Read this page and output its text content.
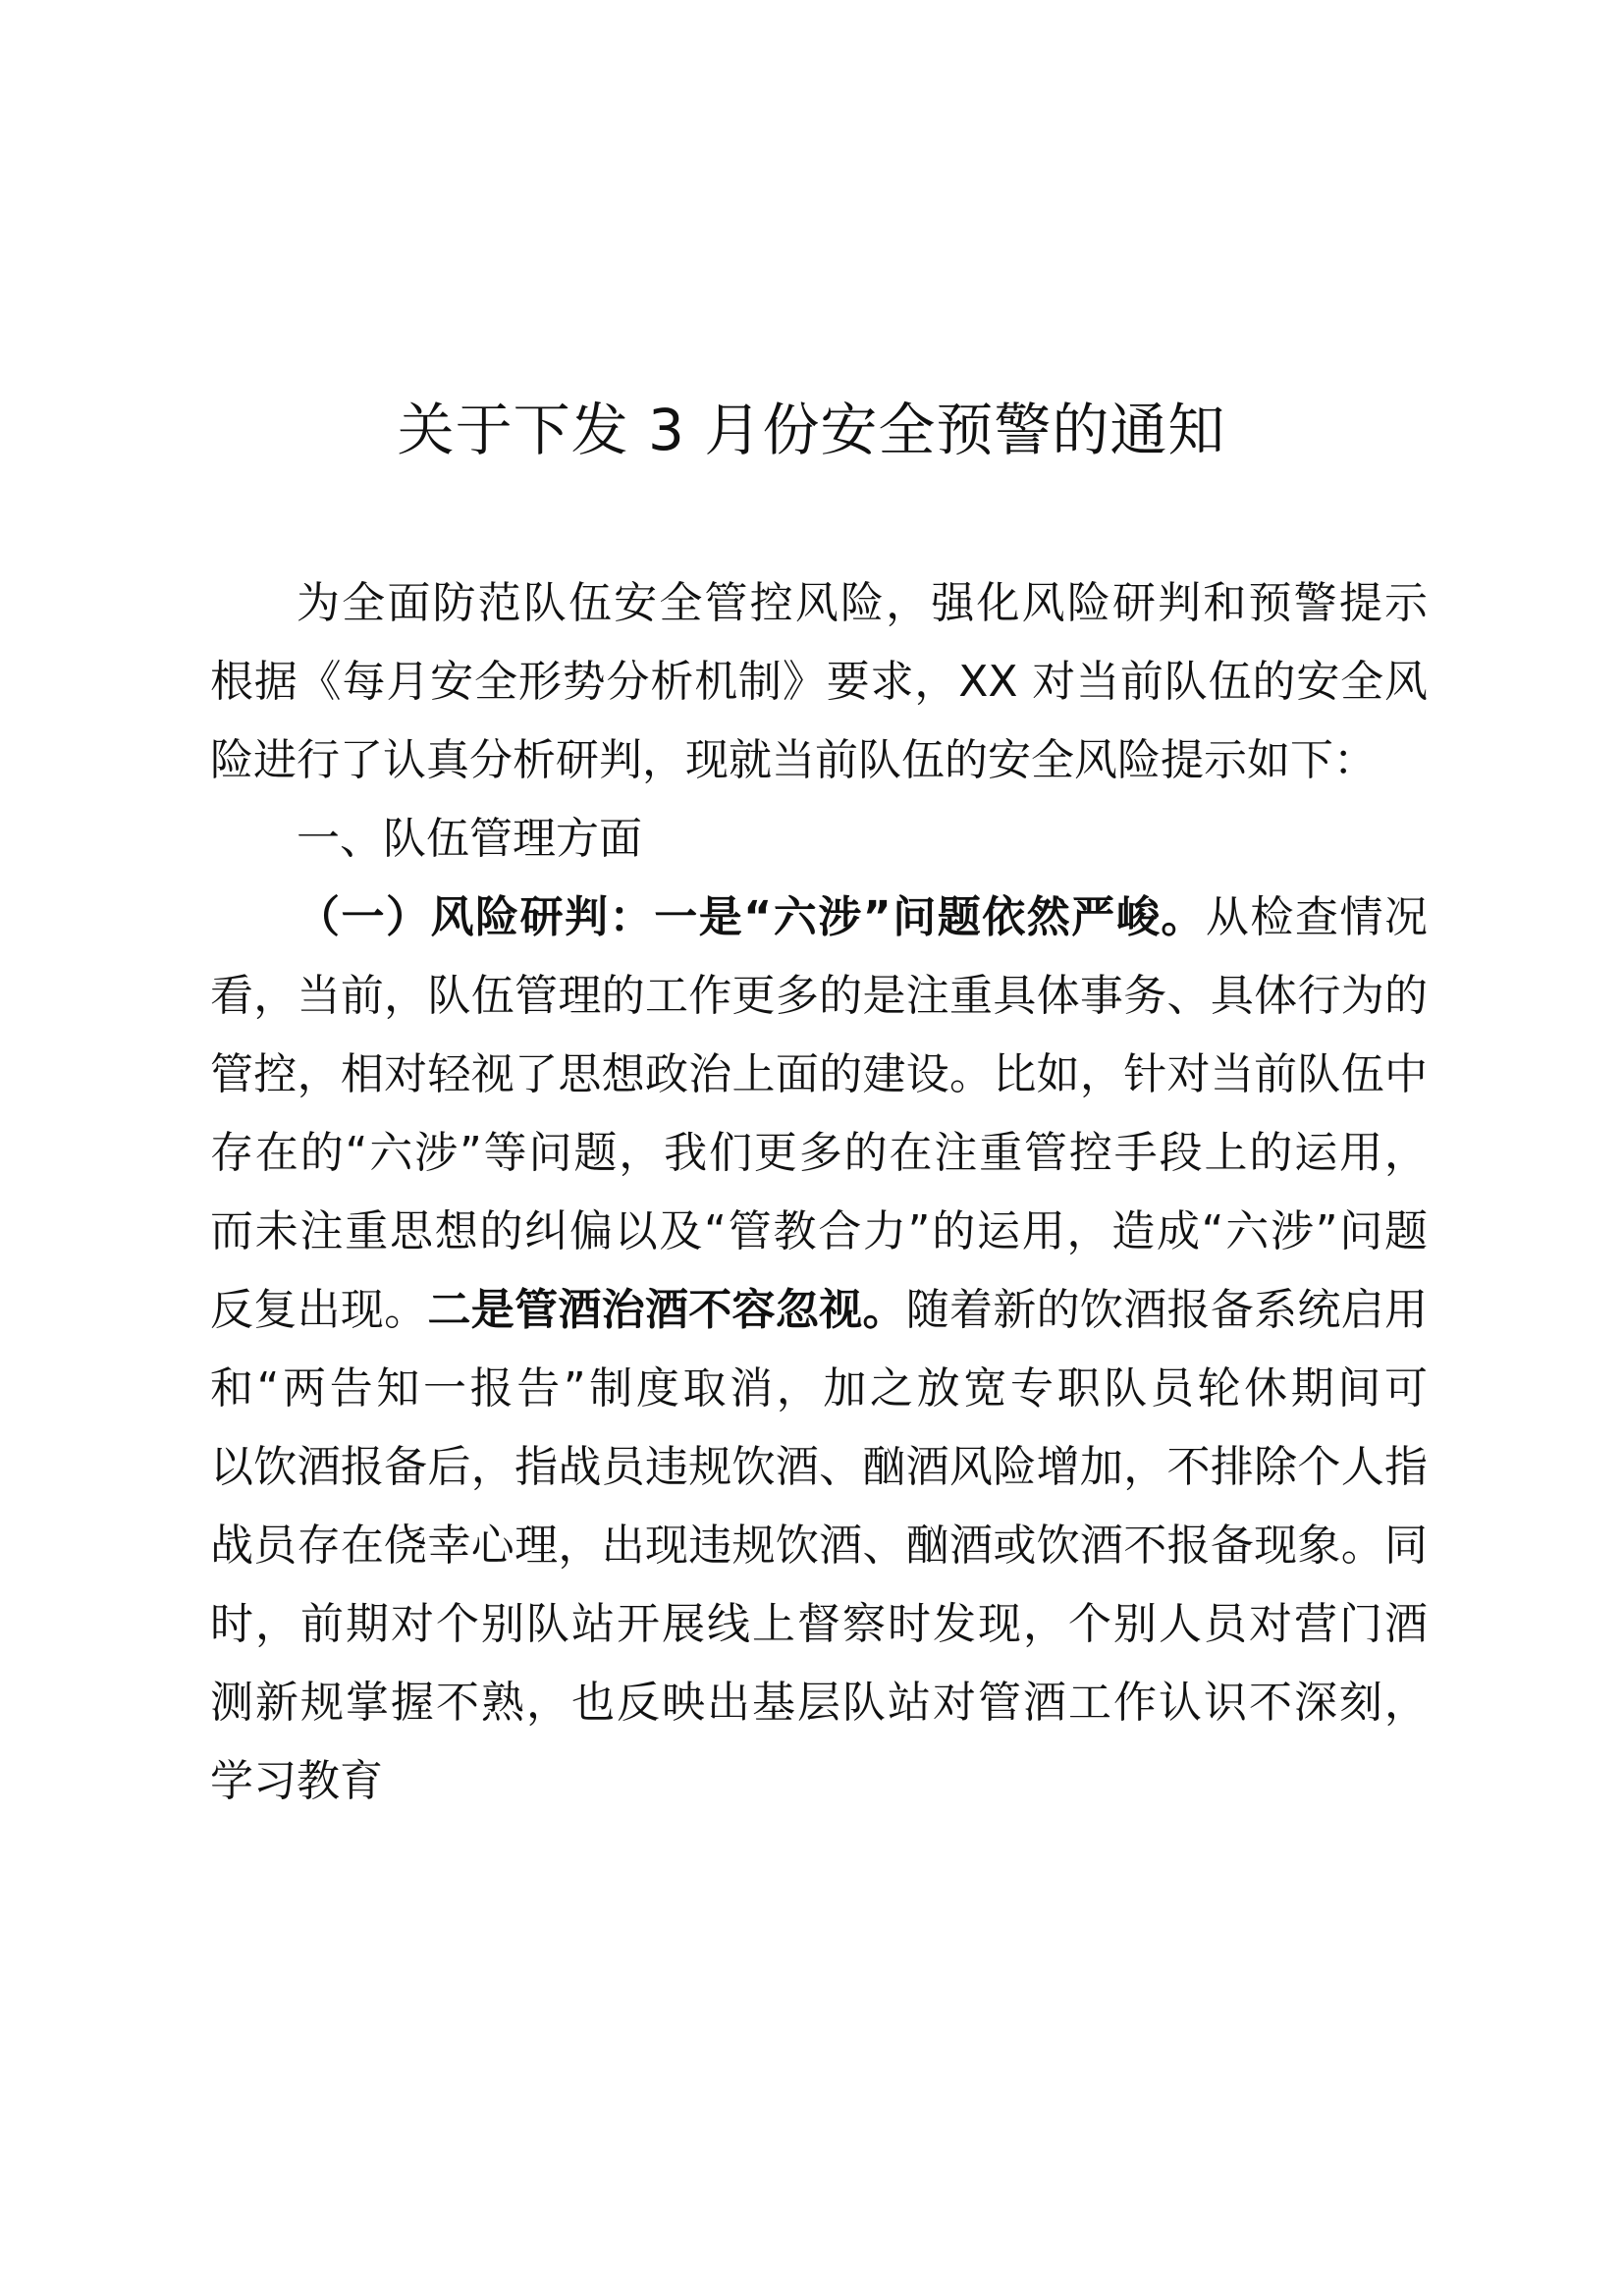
关于下发 3 月份安全预警的通知
为全面防范队伍安全管控风险，强化风险研判和预警提示
根据《每月安全形势分析机制》要求，XX 对当前队伍的安全风
险进行了认真分析研判，现就当前队伍的安全风险提示如下：
一、队伍管理方面
（一）风险研判：一是“六涉”问题依然严峻。从检查情况
看，当前，队伍管理的工作更多的是注重具体事务、具体行为的
管控，相对轻视了思想政治上面的建设。比如，针对当前队伍中
存在的“六涉”等问题，我们更多的在注重管控手段上的运用，
而未注重思想的纠偏以及“管教合力”的运用，造成“六涉”问题
反复出现。二是管酒治酒不容忽视。随着新的饮酒报备系统启用
和“两告知一报告”制度取消，加之放宽专职队员轮休期间可
以饮酒报备后，指战员违规饮酒、酗酒风险增加，不排除个人指
战员存在侥幸心理，出现违规饮酒、酗酒或饮酒不报备现象。同
时，前期对个别队站开展线上督察时发现，个别人员对营门酒
测新规掌握不熟，也反映出基层队站对管酒工作认识不深刻，
学习教育
